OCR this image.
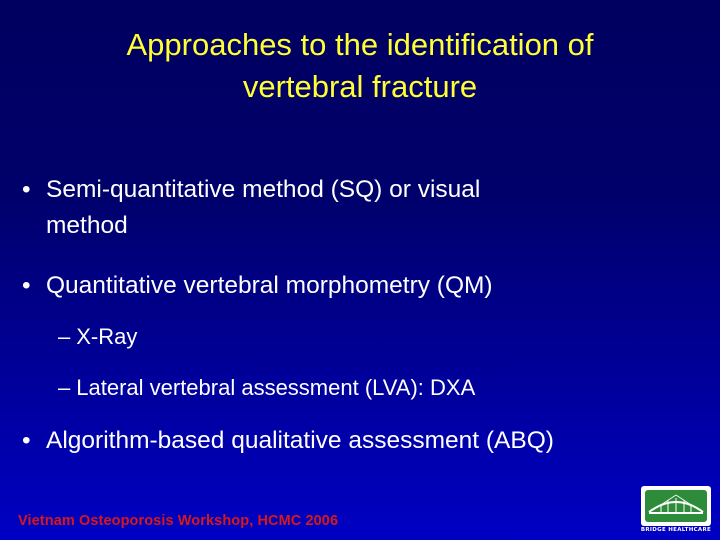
Approaches to the identification of
vertebral fracture
• Semi-quantitative method (SQ) or visual
method
• Quantitative vertebral morphometry (QM)
– X-Ray
– Lateral vertebral assessment (LVA): DXA
• Algorithm-based qualitative assessment (ABQ)
Vietnam Osteoporosis Workshop, HCMC 2006
BRIDGE HEALTHCARE
